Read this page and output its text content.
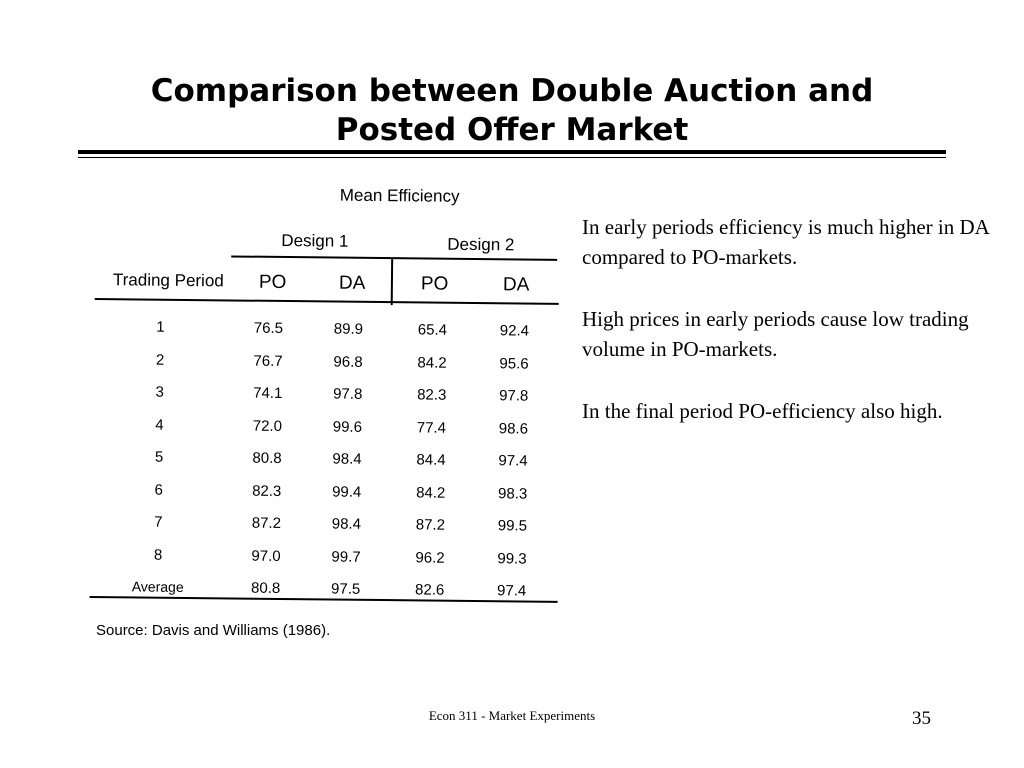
Comparison between Double Auction and
Posted Offer Market
Mean Efficiency
Design 1	Design 2
Trading Period PO	DA	PO	DA
1	76.5	89.9	65.4	92.4
2	76.7	96.8	84.2	95.6
3	74.1	97.8	82.3	97.8
4	72.0	99.6	77.4	98.6
5	80.8	98.4	84.4	97.4
6	82.3	99.4	84.2	98.3
7	87.2	98.4	87.2	99.5
8	97.0	99.7	96.2	99.3
Average	80.8	97.5	82.6	97.4
Source: Davis and Williams (1986).

In early periods efficiency is much higher in DA compared to PO-markets.

High prices in early periods cause low trading volume in PO-markets.

In the final period PO-efficiency also high.

Econ 311 - Market Experiments	35
